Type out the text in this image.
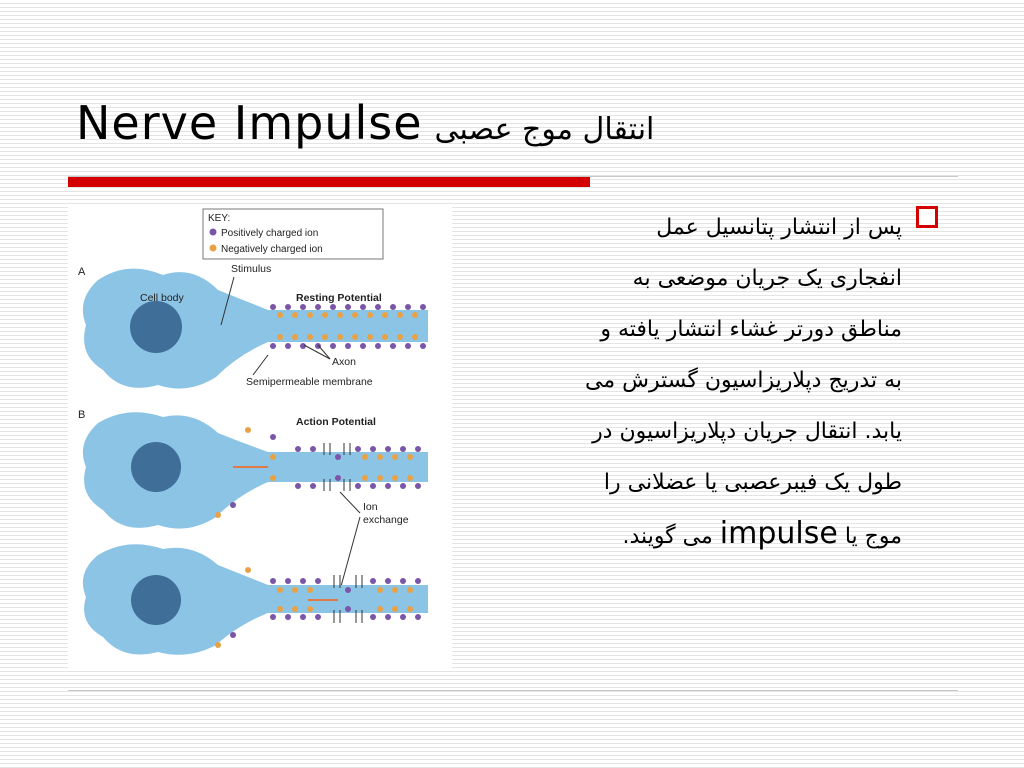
Nerve Impulse انتقال موج عصبی
KEY:
Positively charged ion
Negatively charged ion
A
Cell body
Stimulus
Resting Potential
Axon
Semipermeable membrane
B
Action Potential
Ion
exchange

پس از انتشار پتانسیل عمل
انفجاری یک جریان موضعی به
مناطق دورتر غشاء انتشار یافته و
به تدریج دپلاریزاسیون گسترش می
یابد. انتقال جریان دپلاریزاسیون در
طول یک فیبرعصبی یا عضلانی را
موج یا impulse می گویند.
